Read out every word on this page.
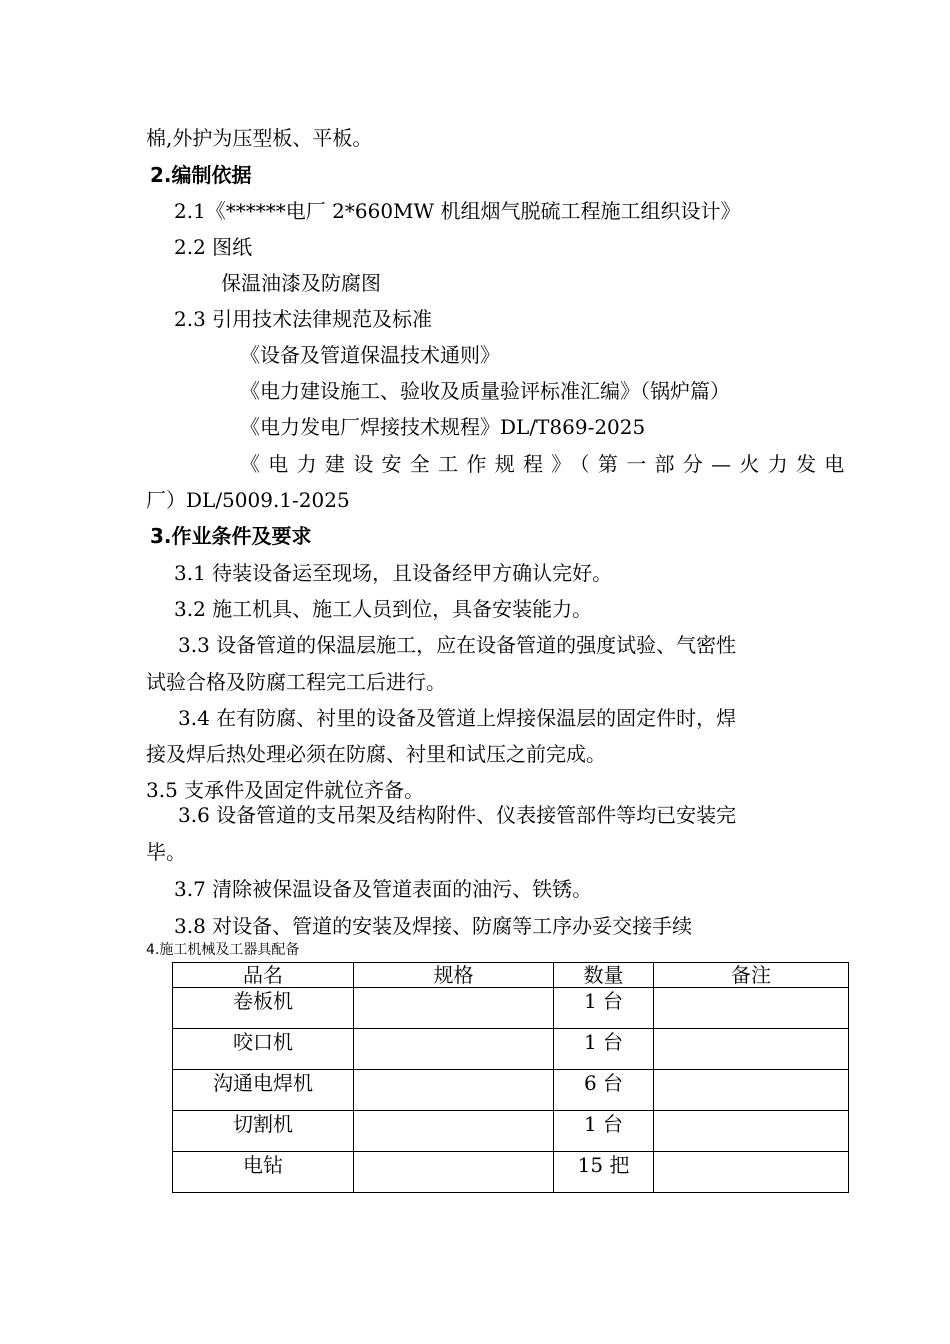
棉,外护为压型板、平板。
2.编制依据
2.1《******电厂 2*660MW 机组烟气脱硫工程施工组织设计》
2.2 图纸
保温油漆及防腐图
2.3 引用技术法律规范及标准
《设备及管道保温技术通则》
《电力建设施工、验收及质量验评标准汇编》（锅炉篇）
《电力发电厂焊接技术规程》DL/T869-2025
《电力建设安全工作规程》（第一部分—火力发电
厂）DL/5009.1-2025
3.作业条件及要求
3.1 待装设备运至现场，且设备经甲方确认完好。
3.2 施工机具、施工人员到位，具备安装能力。
3.3 设备管道的保温层施工，应在设备管道的强度试验、气密性
试验合格及防腐工程完工后进行。
3.4 在有防腐、衬里的设备及管道上焊接保温层的固定件时，焊
接及焊后热处理必须在防腐、衬里和试压之前完成。
3.5 支承件及固定件就位齐备。
3.6 设备管道的支吊架及结构附件、仪表接管部件等均已安装完
毕。
3.7 清除被保温设备及管道表面的油污、铁锈。
3.8 对设备、管道的安装及焊接、防腐等工序办妥交接手续
4.施工机械及工器具配备
品名	规格	数量	备注
卷板机		1 台	
咬口机		1 台	
沟通电焊机		6 台	
切割机		1 台	
电钻		15 把	
